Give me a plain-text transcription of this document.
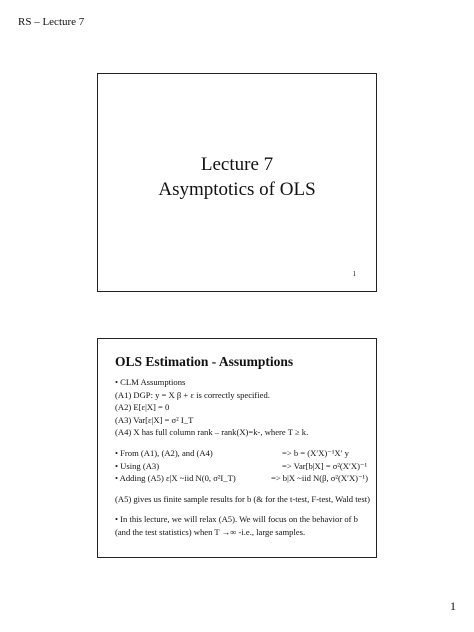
RS – Lecture 7
Lecture 7
Asymptotics of OLS
1
OLS Estimation - Assumptions
• CLM Assumptions
(A1) DGP: y = X β + ε is correctly specified.
(A2) E[ε|X] = 0
(A3) Var[ε|X] = σ² I_T
(A4) X has full column rank – rank(X)=k-, where T ≥ k.
• From (A1), (A2), and (A4)	=> b = (X′X)⁻¹X′ y
• Using (A3)	=> Var[b|X] = σ²(X′X)⁻¹
• Adding (A5) ε|X ~iid N(0, σ²I_T)	=> b|X ~iid N(β, σ²(X′X)⁻¹)
(A5) gives us finite sample results for b (& for the t-test, F-test, Wald test)
• In this lecture, we will relax (A5). We will focus on the behavior of b (and the test statistics) when T →∞ -i.e., large samples.
1
